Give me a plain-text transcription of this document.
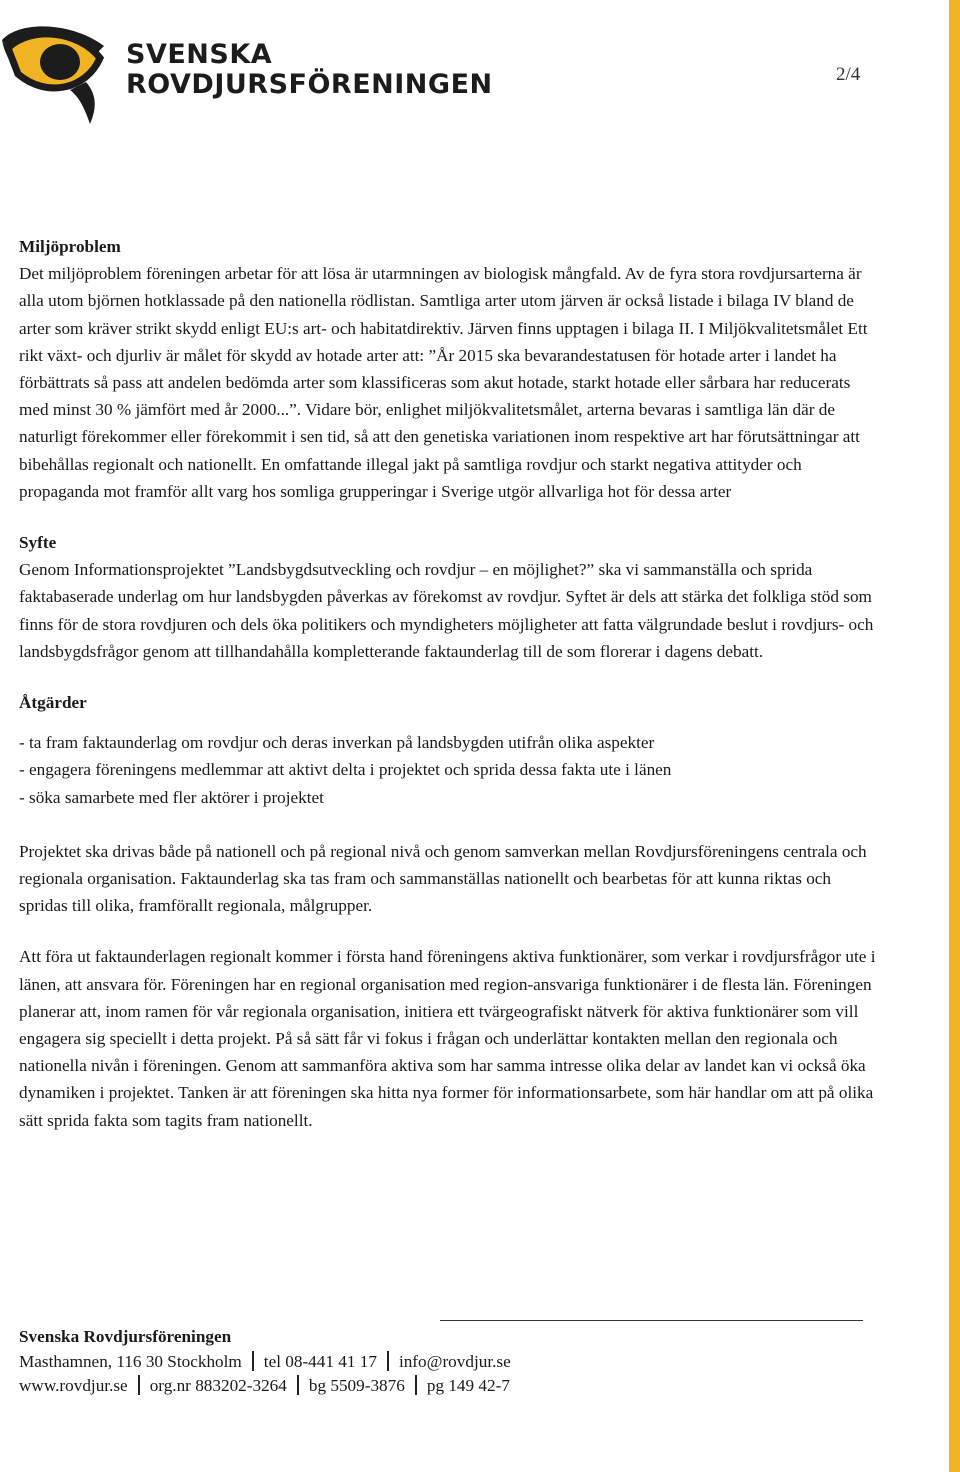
SVENSKA
ROVDJURSFÖRENINGEN	2/4

Miljöproblem

Det miljöproblem föreningen arbetar för att lösa är utarmningen av biologisk mångfald. Av de fyra stora rovdjursarterna är alla utom björnen hotklassade på den nationella rödlistan. Samtliga arter utom järven är också listade i bilaga IV bland de arter som kräver strikt skydd enligt EU:s art- och habitatdirektiv. Järven finns upptagen i bilaga II. I Miljökvalitetsmålet Ett rikt växt- och djurliv är målet för skydd av hotade arter att: ”År 2015 ska bevarandestatusen för hotade arter i landet ha förbättrats så pass att andelen bedömda arter som klassificeras som akut hotade, starkt hotade eller sårbara har reducerats med minst 30 % jämfört med år 2000...”. Vidare bör, enlighet miljökvalitetsmålet, arterna bevaras i samtliga län där de naturligt förekommer eller förekommit i sen tid, så att den genetiska variationen inom respektive art har förutsättningar att bibehållas regionalt och nationellt. En omfattande illegal jakt på samtliga rovdjur och starkt negativa attityder och propaganda mot framför allt varg hos somliga grupperingar i Sverige utgör allvarliga hot för dessa arter

Syfte

Genom Informationsprojektet ”Landsbygdsutveckling och rovdjur – en möjlighet?” ska vi sammanställa och sprida faktabaserade underlag om hur landsbygden påverkas av förekomst av rovdjur. Syftet är dels att stärka det folkliga stöd som finns för de stora rovdjuren och dels öka politikers och myndigheters möjligheter att fatta välgrundade beslut i rovdjurs- och landsbygdsfrågor genom att tillhandahålla kompletterande faktaunderlag till de som florerar i dagens debatt.

Åtgärder

- ta fram faktaunderlag om rovdjur och deras inverkan på landsbygden utifrån olika aspekter

- engagera föreningens medlemmar att aktivt delta i projektet och sprida dessa fakta ute i länen

- söka samarbete med fler aktörer i projektet

Projektet ska drivas både på nationell och på regional nivå och genom samverkan mellan Rovdjursföreningens centrala och regionala organisation. Faktaunderlag ska tas fram och sammanställas nationellt och bearbetas för att kunna riktas och spridas till olika, framförallt regionala, målgrupper.

Att föra ut faktaunderlagen regionalt kommer i första hand föreningens aktiva funktionärer, som verkar i rovdjursfrågor ute i länen, att ansvara för. Föreningen har en regional organisation med region-ansvariga funktionärer i de flesta län. Föreningen planerar att, inom ramen för vår regionala organisation, initiera ett tvärgeografiskt nätverk för aktiva funktionärer som vill engagera sig speciellt i detta projekt. På så sätt får vi fokus i frågan och underlättar kontakten mellan den regionala och nationella nivån i föreningen. Genom att sammanföra aktiva som har samma intresse olika delar av landet kan vi också öka dynamiken i projektet. Tanken är att föreningen ska hitta nya former för informationsarbete, som här handlar om att på olika sätt sprida fakta som tagits fram nationellt.

Svenska Rovdjursföreningen
Masthamnen, 116 30 Stockholm tel 08-441 41 17 info@rovdjur.se
www.rovdjur.se org.nr 883202-3264 bg 5509-3876 pg 149 42-7
